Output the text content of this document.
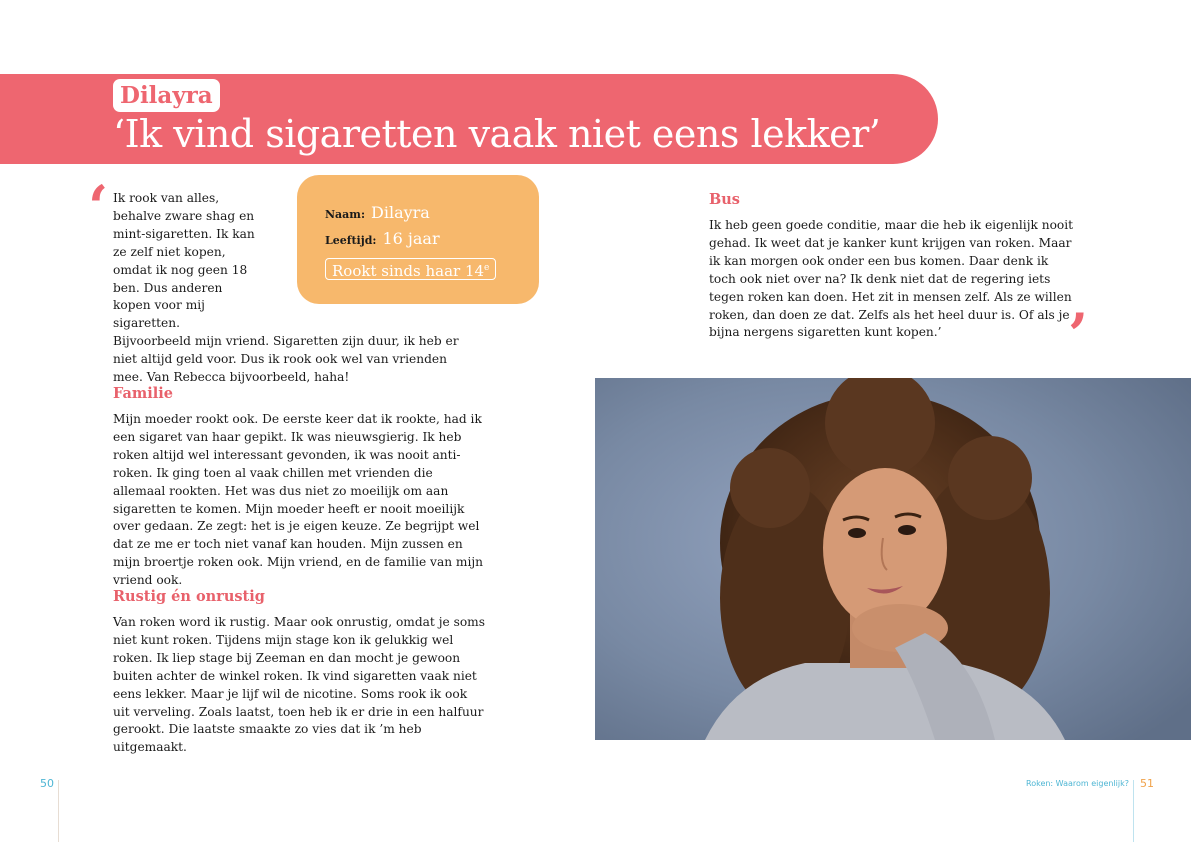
Dilayra
‘Ik vind sigaretten vaak niet eens lekker’
‘
’
Ik rook van alles, behalve zware shag en mint-sigaretten. Ik kan ze zelf niet kopen, omdat ik nog geen 18 ben. Dus anderen kopen voor mij sigaretten. Bijvoorbeeld mijn vriend. Sigaretten zijn duur, ik heb er niet altijd geld voor. Dus ik rook ook wel van vrienden mee. Van Rebecca bijvoorbeeld, haha!
Naam: Dilayra
Leeftijd: 16 jaar
Rookt sinds haar 14e
Familie
Mijn moeder rookt ook. De eerste keer dat ik rookte, had ik een sigaret van haar gepikt. Ik was nieuwsgierig. Ik heb roken altijd wel interessant gevonden, ik was nooit anti-roken. Ik ging toen al vaak chillen met vrienden die allemaal rookten. Het was dus niet zo moeilijk om aan sigaretten te komen. Mijn moeder heeft er nooit moeilijk over gedaan. Ze zegt: het is je eigen keuze. Ze begrijpt wel dat ze me er toch niet vanaf kan houden. Mijn zussen en mijn broertje roken ook. Mijn vriend, en de familie van mijn vriend ook.
Rustig én onrustig
Van roken word ik rustig. Maar ook onrustig, omdat je soms niet kunt roken. Tijdens mijn stage kon ik gelukkig wel roken. Ik liep stage bij Zeeman en dan mocht je gewoon buiten achter de winkel roken. Ik vind sigaretten vaak niet eens lekker. Maar je lijf wil de nicotine. Soms rook ik ook uit verveling. Zoals laatst, toen heb ik er drie in een halfuur gerookt. Die laatste smaakte zo vies dat ik ’m heb uitgemaakt.
Bus
Ik heb geen goede conditie, maar die heb ik eigenlijk nooit gehad. Ik weet dat je kanker kunt krijgen van roken. Maar ik kan morgen ook onder een bus komen. Daar denk ik toch ook niet over na? Ik denk niet dat de regering iets tegen roken kan doen. Het zit in mensen zelf. Als ze willen roken, dan doen ze dat. Zelfs als het heel duur is. Of als je bijna nergens sigaretten kunt kopen.’
50	Roken: Waarom eigenlijk? 51
